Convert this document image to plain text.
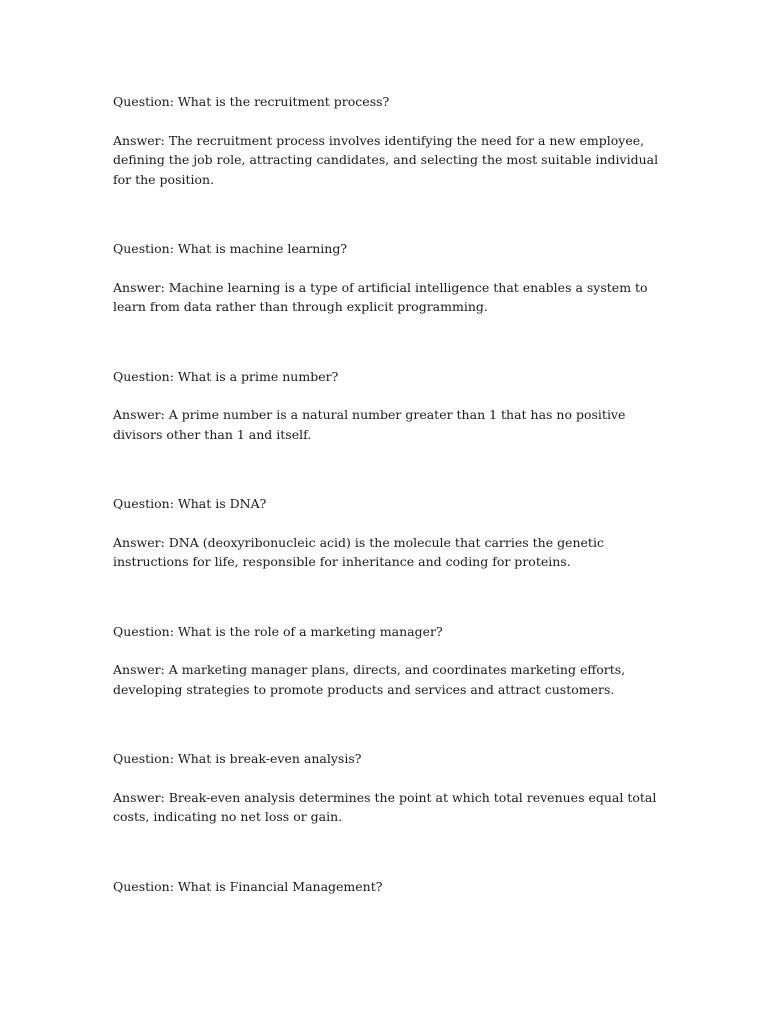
Question: What is the recruitment process?

Answer: The recruitment process involves identifying the need for a new employee, defining the job role, attracting candidates, and selecting the most suitable individual for the position.

Question: What is machine learning?

Answer: Machine learning is a type of artificial intelligence that enables a system to learn from data rather than through explicit programming.

Question: What is a prime number?

Answer: A prime number is a natural number greater than 1 that has no positive divisors other than 1 and itself.

Question: What is DNA?

Answer: DNA (deoxyribonucleic acid) is the molecule that carries the genetic instructions for life, responsible for inheritance and coding for proteins.

Question: What is the role of a marketing manager?

Answer: A marketing manager plans, directs, and coordinates marketing efforts, developing strategies to promote products and services and attract customers.

Question: What is break-even analysis?

Answer: Break-even analysis determines the point at which total revenues equal total costs, indicating no net loss or gain.

Question: What is Financial Management?
